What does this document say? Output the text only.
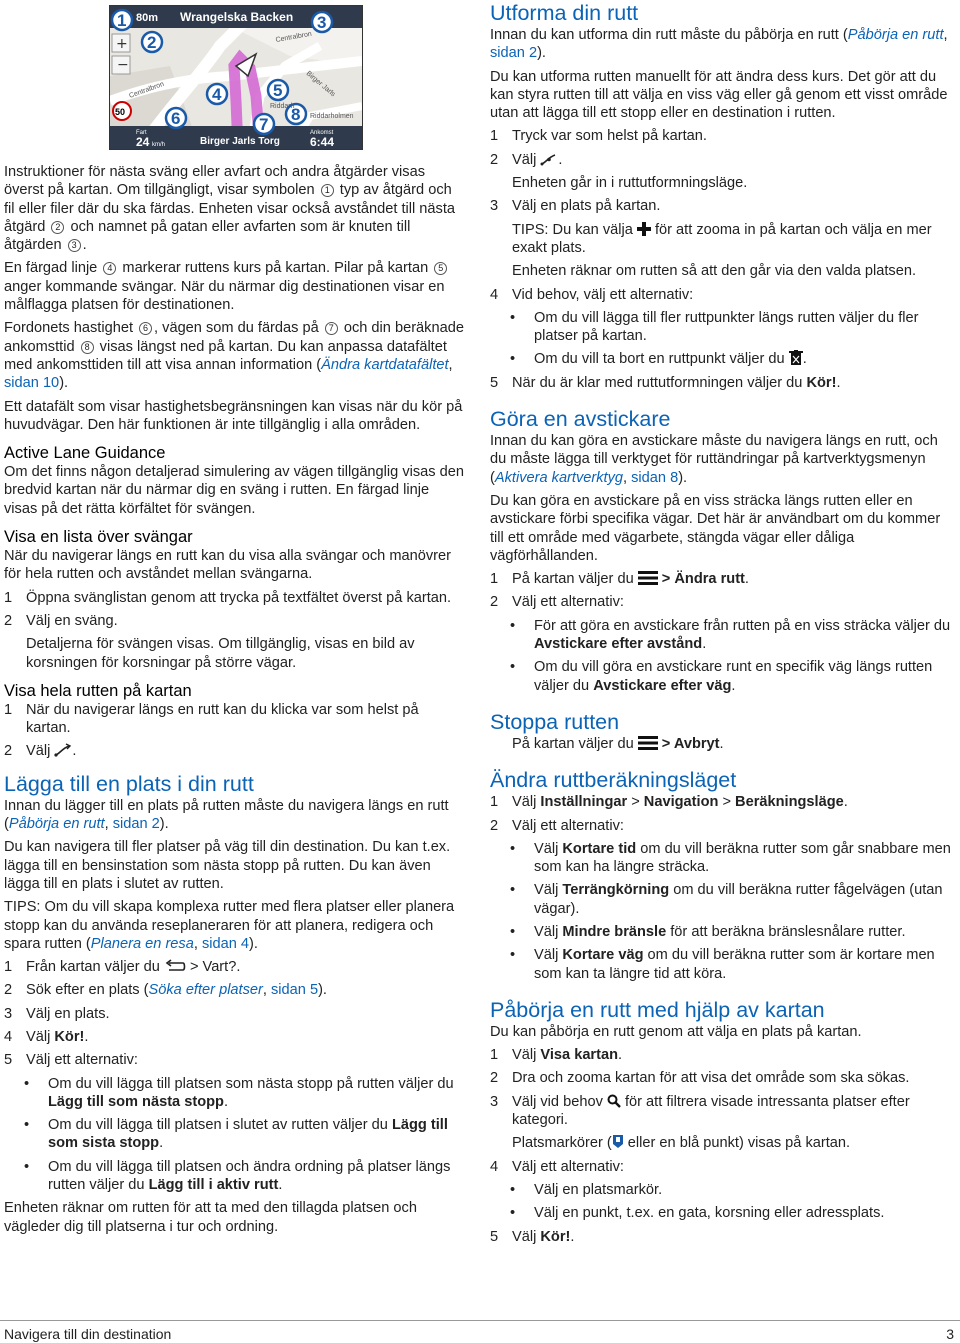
80m Wrangelska Backen
+
−
50
Fart
24 km/h	Birger Jarls Torg
Ankomst
6:44
1
2
3
4	5
6	7
8
Centralbron
Riddarh
Riddarholmen
Centralbron
Birger Jarls

Instruktioner för nästa sväng eller avfart och andra åtgärder visas överst på kartan. Om tillgängligt, visar symbolen 1 typ av åtgärd och fil eller filer där du ska färdas. Enheten visar också avståndet till nästa åtgärd 2 och namnet på gatan eller avfarten som är knuten till åtgärden 3 .

En färgad linje 4 markerar ruttens kurs på kartan. Pilar på kartan 5 anger kommande svängar. När du närmar dig destinationen visar en målflagga platsen för destinationen.

Fordonets hastighet 6 , vägen som du färdas på 7 och din beräknade ankomsttid 8 visas längst ned på kartan. Du kan anpassa datafältet med ankomsttiden till att visa annan information (Ändra kartdatafältet, sidan 10).

Ett datafält som visar hastighetsbegränsningen kan visas när du kör på huvudvägar. Den här funktionen är inte tillgänglig i alla områden.

Active Lane Guidance

Om det finns någon detaljerad simulering av vägen tillgänglig visas den bredvid kartan när du närmar dig en sväng i rutten. En färgad linje visas på det rätta körfältet för svängen.

Visa en lista över svängar

När du navigerar längs en rutt kan du visa alla svängar och manövrer för hela rutten och avståndet mellan svängarna.

1 Öppna svänglistan genom att trycka på textfältet överst på kartan.

2 Välj en sväng.

Detaljerna för svängen visas. Om tillgänglig, visas en bild av korsningen för korsningar på större vägar.

Visa hela rutten på kartan

1 När du navigerar längs en rutt kan du klicka var som helst på kartan.

2 Välj .

Lägga till en plats i din rutt

Innan du lägger till en plats på rutten måste du navigera längs en rutt (Påbörja en rutt, sidan 2).

Du kan navigera till fler platser på väg till din destination. Du kan t.ex. lägga till en bensinstation som nästa stopp på rutten. Du kan även lägga till en plats i slutet av rutten.

TIPS: Om du vill skapa komplexa rutter med flera platser eller planera stopp kan du använda reseplaneraren för att planera, redigera och spara rutten (Planera en resa, sidan 4).

1 Från kartan väljer du  > Vart?.

2 Sök efter en plats (Söka efter platser, sidan 5).

3 Välj en plats.

4 Välj Kör!.

5 Välj ett alternativ:

• Om du vill lägga till platsen som nästa stopp på rutten väljer du Lägg till som nästa stopp.

• Om du vill lägga till platsen i slutet av rutten väljer du Lägg till som sista stopp.

• Om du vill lägga till platsen och ändra ordning på platser längs rutten väljer du Lägg till i aktiv rutt.

Enheten räknar om rutten för att ta med den tillagda platsen och vägleder dig till platserna i tur och ordning.

Utforma din rutt

Innan du kan utforma din rutt måste du påbörja en rutt (Påbörja en rutt, sidan 2).

Du kan utforma rutten manuellt för att ändra dess kurs. Det gör att du kan styra rutten till att välja en viss väg eller gå genom ett visst område utan att lägga till ett stopp eller en destination i rutten.

1 Tryck var som helst på kartan.

2 Välj .

Enheten går in i ruttutformningsläge.

3 Välj en plats på kartan.

TIPS: Du kan välja  för att zooma in på kartan och välja en mer exakt plats.

Enheten räknar om rutten så att den går via den valda platsen.

4 Vid behov, välj ett alternativ:

• Om du vill lägga till fler ruttpunkter längs rutten väljer du fler platser på kartan.

• Om du vill ta bort en ruttpunkt väljer du .

5 När du är klar med ruttutformningen väljer du Kör!.

Göra en avstickare

Innan du kan göra en avstickare måste du navigera längs en rutt, och du måste lägga till verktyget för ruttändringar på kartverktygsmenyn (Aktivera kartverktyg, sidan 8).

Du kan göra en avstickare på en viss sträcka längs rutten eller en avstickare förbi specifika vägar. Det här är användbart om du kommer till ett område med vägarbete, stängda vägar eller dåliga vägförhållanden.

1 På kartan väljer du  > Ändra rutt.

2 Välj ett alternativ:

• För att göra en avstickare från rutten på en viss sträcka väljer du Avstickare efter avstånd.

• Om du vill göra en avstickare runt en specifik väg längs rutten väljer du Avstickare efter väg.

Stoppa rutten

På kartan väljer du  > Avbryt.

Ändra ruttberäkningsläget

1 Välj Inställningar > Navigation > Beräkningsläge.

2 Välj ett alternativ:

• Välj Kortare tid om du vill beräkna rutter som går snabbare men som kan ha längre sträcka.

• Välj Terrängkörning om du vill beräkna rutter fågelvägen (utan vägar).

• Välj Mindre bränsle för att beräkna bränslesnålare rutter.

• Välj Kortare väg om du vill beräkna rutter som är kortare men som kan ta längre tid att köra.

Påbörja en rutt med hjälp av kartan

Du kan påbörja en rutt genom att välja en plats på kartan.

1 Välj Visa kartan.

2 Dra och zooma kartan för att visa det område som ska sökas.

3 Välj vid behov  för att filtrera visade intressanta platser efter kategori.

Platsmarkörer ( eller en blå punkt) visas på kartan.

4 Välj ett alternativ:

• Välj en platsmarkör.

• Välj en punkt, t.ex. en gata, korsning eller adressplats.

5 Välj Kör!.

Navigera till din destination	3
